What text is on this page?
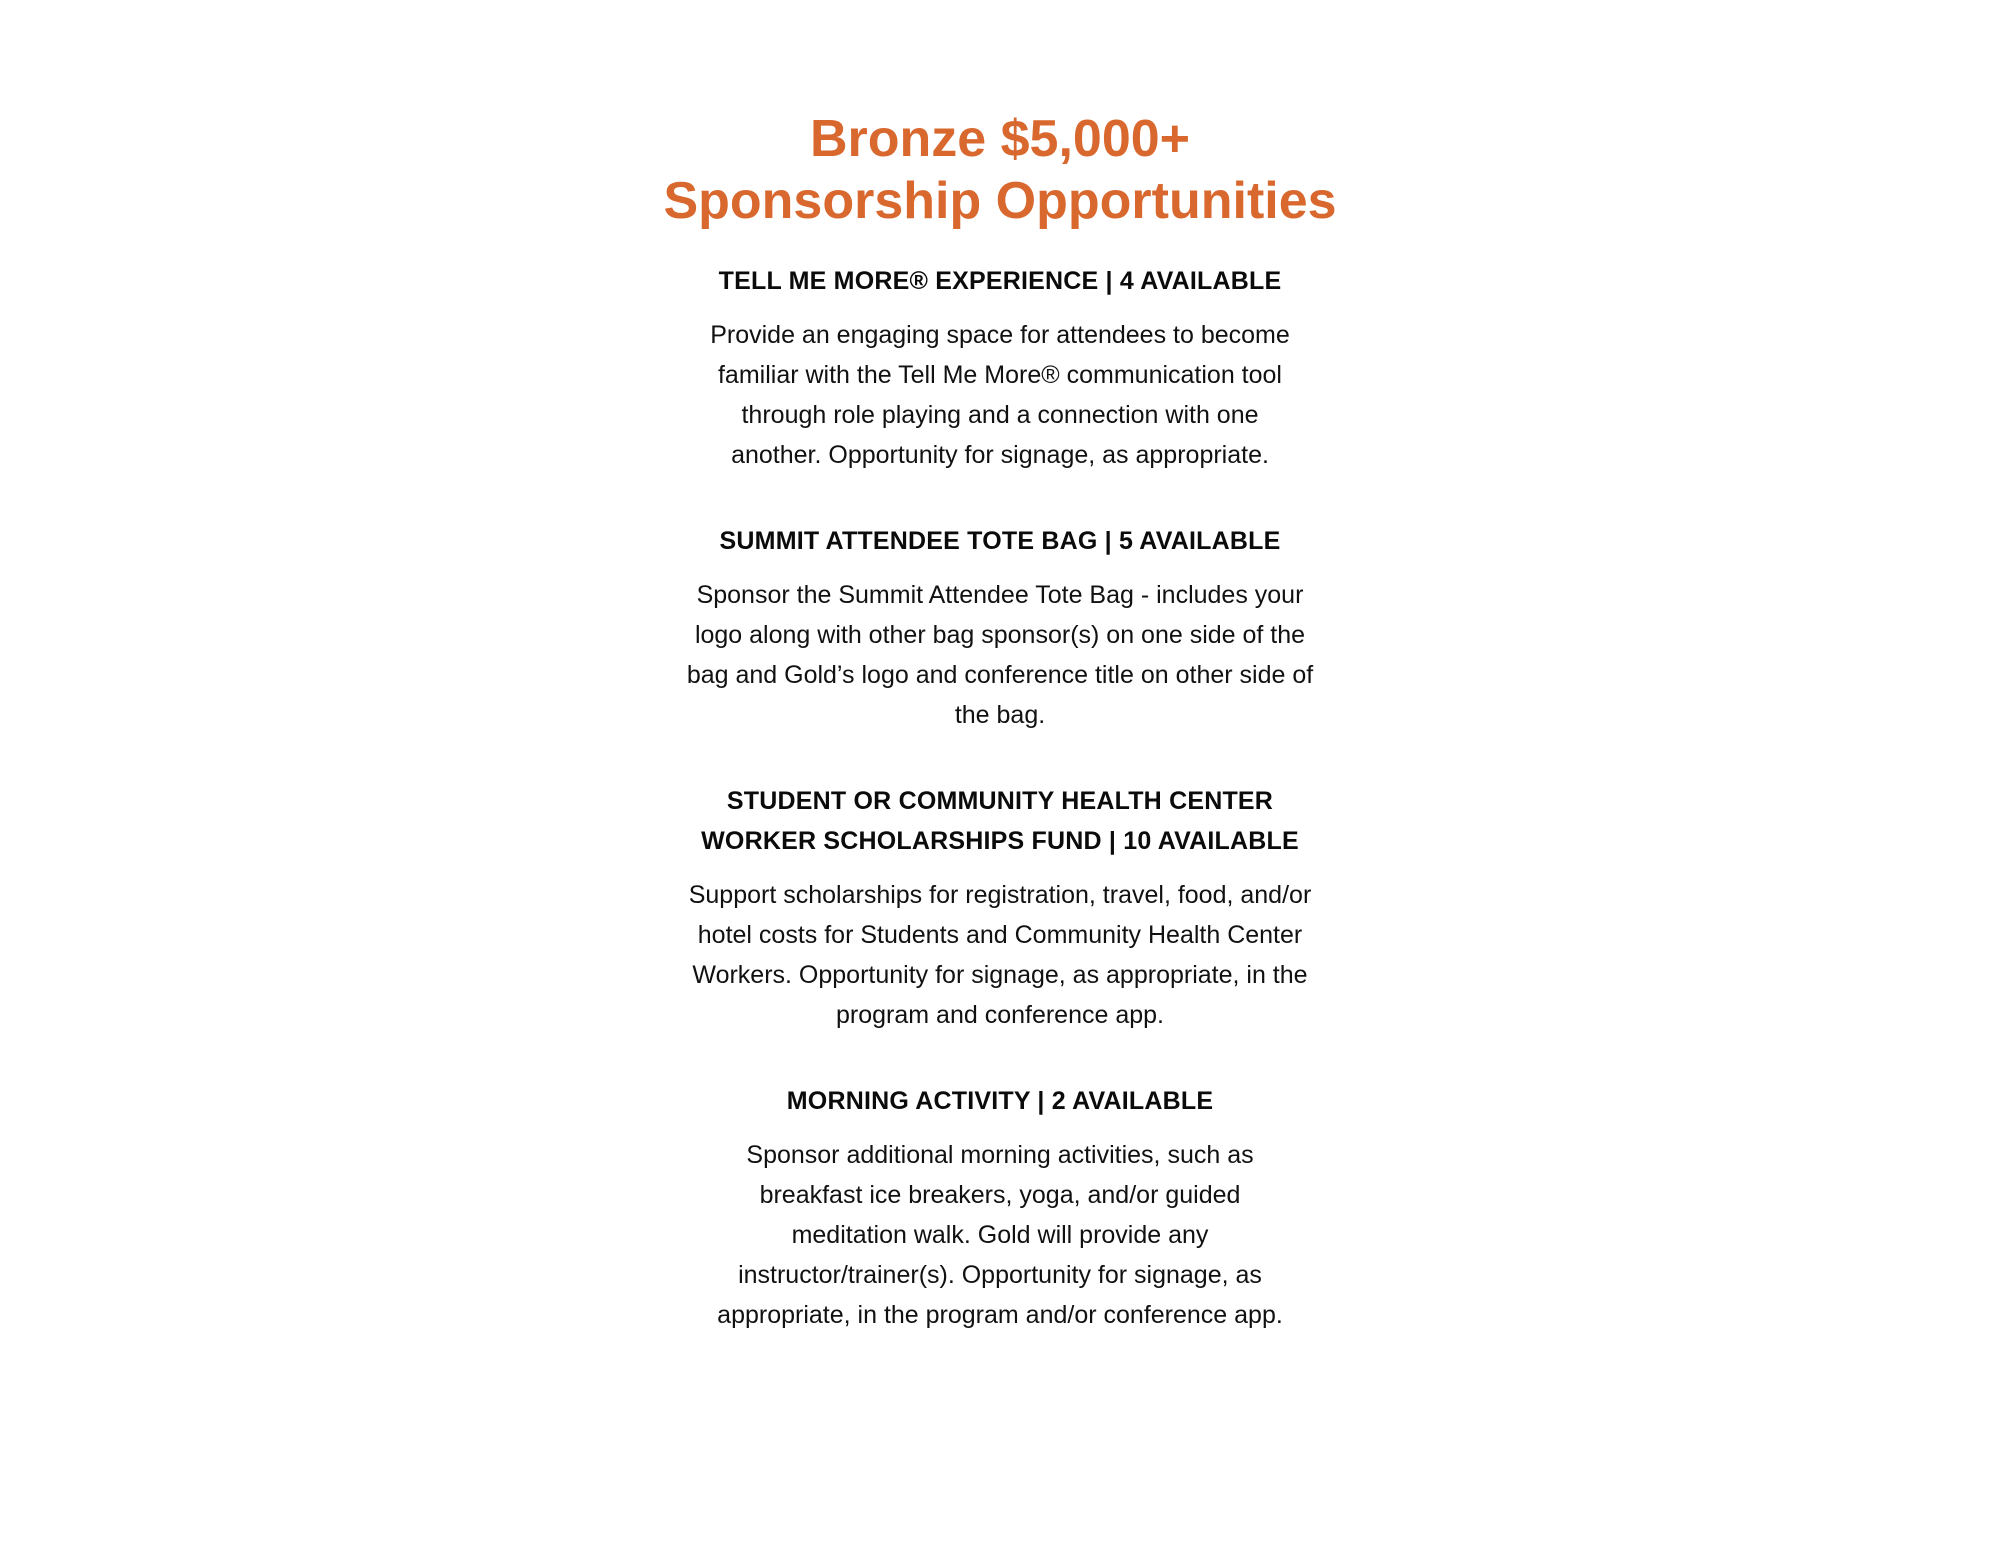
Bronze $5,000+
Sponsorship Opportunities
TELL ME MORE® EXPERIENCE | 4 AVAILABLE

Provide an engaging space for attendees to become familiar with the Tell Me More® communication tool through role playing and a connection with one another. Opportunity for signage, as appropriate.

SUMMIT ATTENDEE TOTE BAG | 5 AVAILABLE

Sponsor the Summit Attendee Tote Bag - includes your logo along with other bag sponsor(s) on one side of the bag and Gold’s logo and conference title on other side of the bag.

STUDENT OR COMMUNITY HEALTH CENTER WORKER SCHOLARSHIPS FUND | 10 AVAILABLE

Support scholarships for registration, travel, food, and/or hotel costs for Students and Community Health Center Workers. Opportunity for signage, as appropriate, in the program and conference app.

MORNING ACTIVITY | 2 AVAILABLE

Sponsor additional morning activities, such as breakfast ice breakers, yoga, and/or guided meditation walk. Gold will provide any instructor/trainer(s). Opportunity for signage, as appropriate, in the program and/or conference app.
